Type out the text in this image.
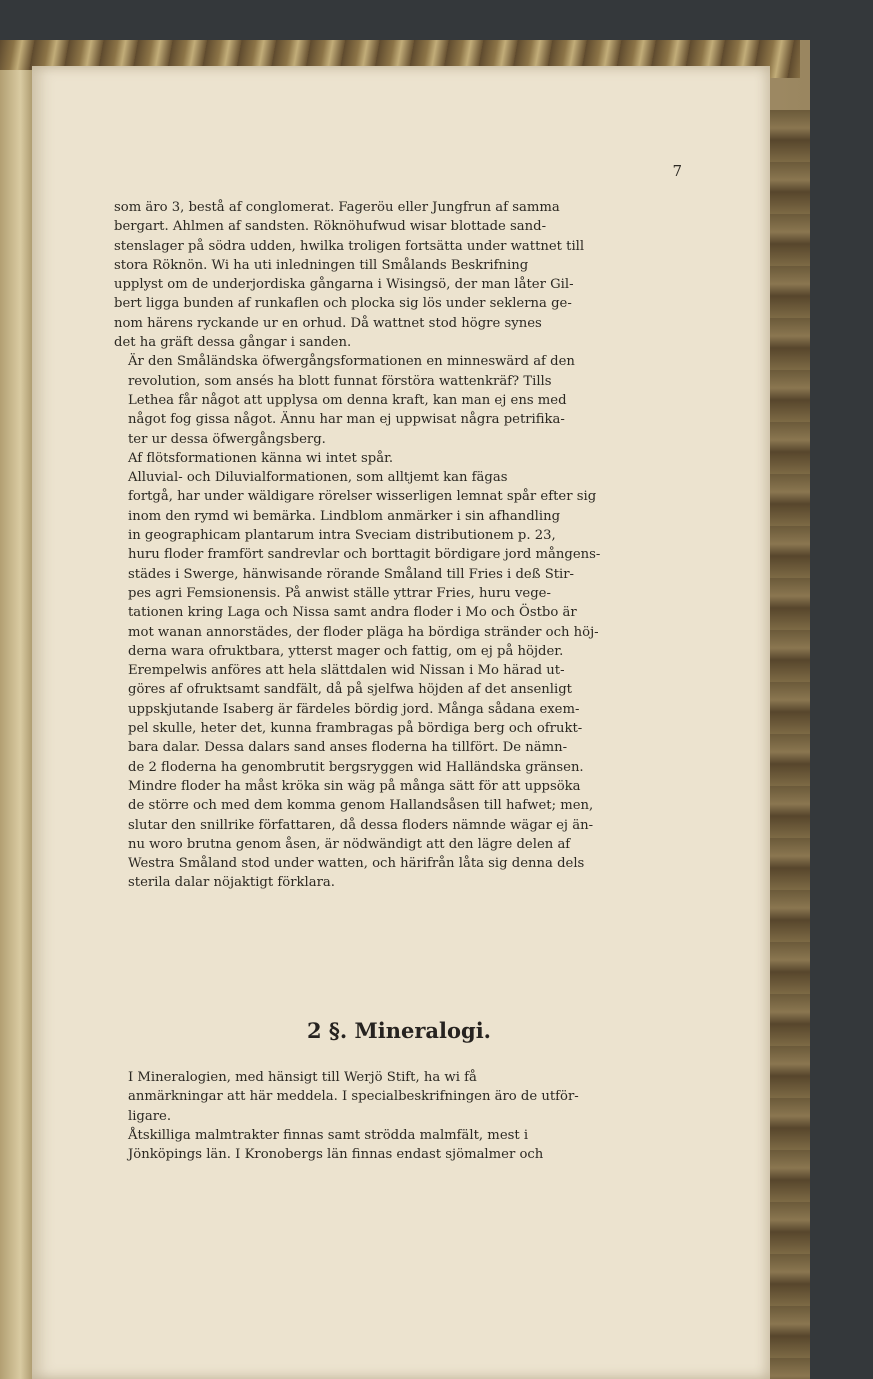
7

som äro 3, bestå af conglomerat. Fageröu eller Jungfrun af samma
bergart. Ahlmen af sandsten. Röknöhufwud wisar blottade sand-
stenslager på södra udden, hwilka troligen fortsätta under wattnet till
stora Röknön. Wi ha uti inledningen till Smålands Beskrifning
upplyst om de underjordiska gångarna i Wisingsö, der man låter Gil-
bert ligga bunden af runkaflen och plocka sig lös under seklerna ge-
nom härens ryckande ur en orhud. Då wattnet stod högre synes
det ha gräft dessa gångar i sanden.

Är den Småländska öfwergångsformationen en minneswärd af den
revolution, som ansés ha blott funnat förstöra wattenkräf? Tills
Lethea får något att upplysa om denna kraft, kan man ej ens med
något fog gissa något. Ännu har man ej uppwisat några petrifika-
ter ur dessa öfwergångsberg.

Af flötsformationen känna wi intet spår.

Alluvial- och Diluvialformationen, som alltjemt kan fägas
fortgå, har under wäldigare rörelser wisserligen lemnat spår efter sig
inom den rymd wi bemärka. Lindblom anmärker i sin afhandling
in geographicam plantarum intra Sveciam distributionem p. 23,
huru floder framfört sandrevlar och borttagit bördigare jord mångens-
städes i Swerge, hänwisande rörande Småland till Fries i deß Stir-
pes agri Femsionensis. På anwist ställe yttrar Fries, huru vege-
tationen kring Laga och Nissa samt andra floder i Mo och Östbo är
mot wanan annorstädes, der floder pläga ha bördiga stränder och höj-
derna wara ofruktbara, ytterst mager och fattig, om ej på höjder.
Erempelwis anföres att hela slättdalen wid Nissan i Mo härad ut-
göres af ofruktsamt sandfält, då på sjelfwa höjden af det ansenligt
uppskjutande Isaberg är färdeles bördig jord. Många sådana exem-
pel skulle, heter det, kunna frambragas på bördiga berg och ofrukt-
bara dalar. Dessa dalars sand anses floderna ha tillfört. De nämn-
de 2 floderna ha genombrutit bergsryggen wid Halländska gränsen.
Mindre floder ha måst kröka sin wäg på många sätt för att uppsöka
de större och med dem komma genom Hallandsåsen till hafwet; men,
slutar den snillrike författaren, då dessa floders nämnde wägar ej än-
nu woro brutna genom åsen, är nödwändigt att den lägre delen af
Westra Småland stod under watten, och härifrån låta sig denna dels
sterila dalar nöjaktigt förklara.

2 §. Mineralogi.

I Mineralogien, med hänsigt till Werjö Stift, ha wi få
anmärkningar att här meddela. I specialbeskrifningen äro de utför-
ligare.

Åtskilliga malmtrakter finnas samt strödda malmfält, mest i
Jönköpings län. I Kronobergs län finnas endast sjömalmer och
